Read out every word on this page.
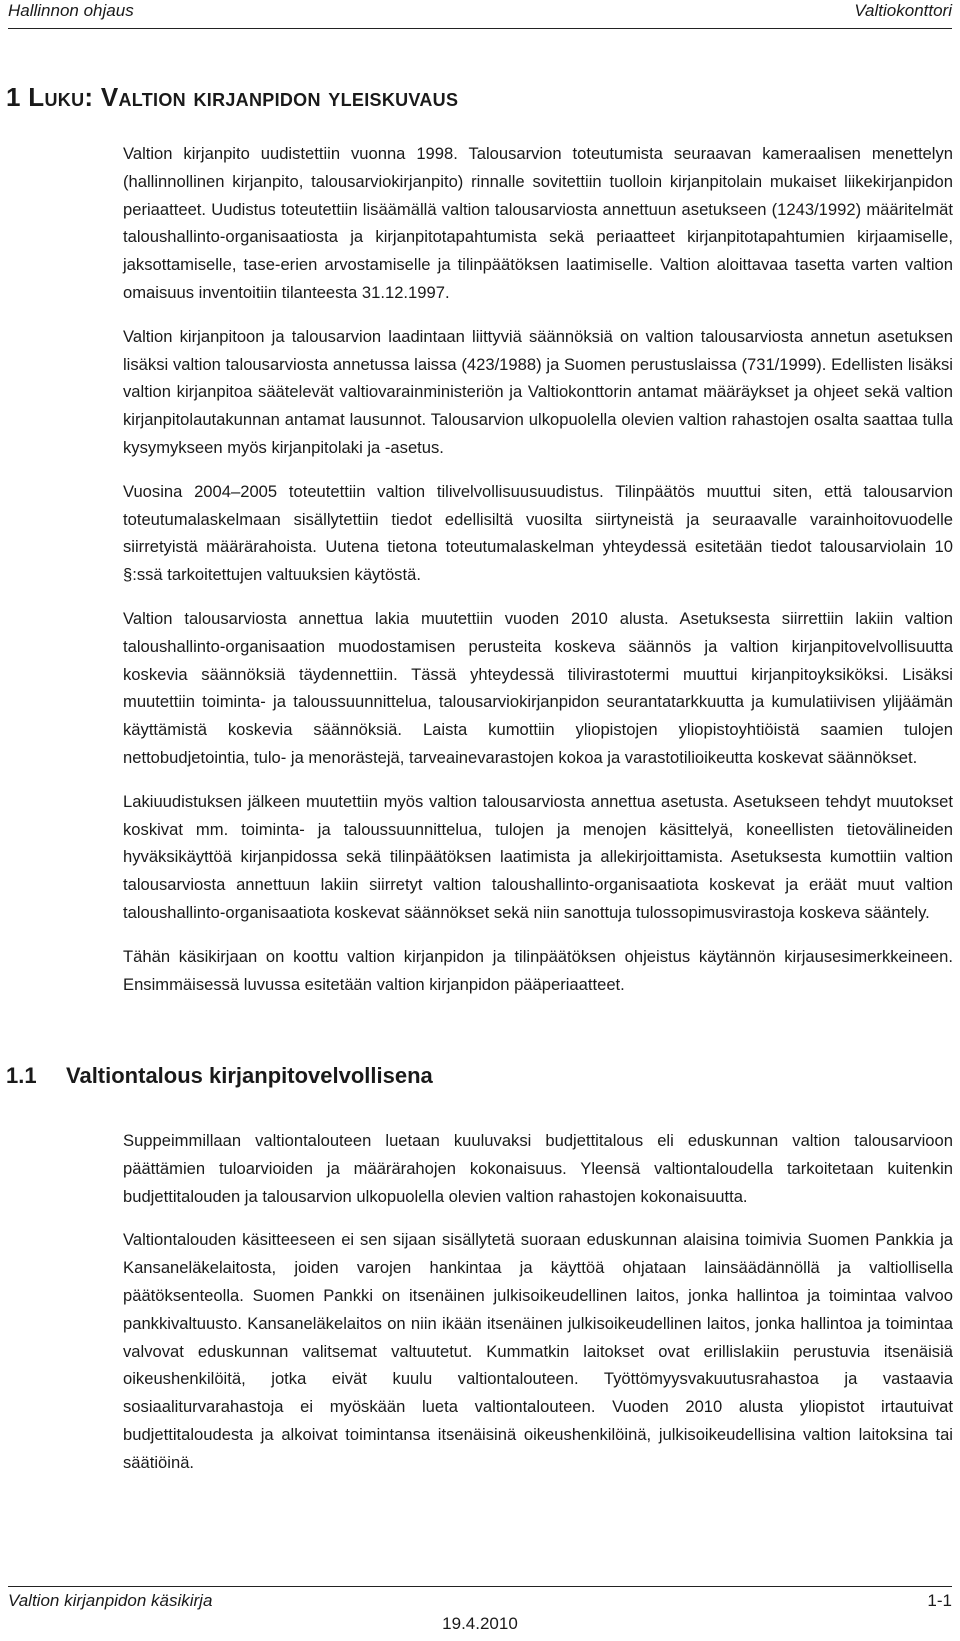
Hallinnon ohjaus	Valtiokonttori
1 Luku: Valtion kirjanpidon yleiskuvaus

Valtion kirjanpito uudistettiin vuonna 1998. Talousarvion toteutumista seuraavan kameraalisen menettelyn (hallinnollinen kirjanpito, talousarviokirjanpito) rinnalle sovitettiin tuolloin kirjanpitolain mukaiset liikekirjanpidon periaatteet. Uudistus toteutettiin lisäämällä valtion talousarviosta annettuun asetukseen (1243/1992) määritelmät taloushallinto-organisaatiosta ja kirjanpitotapahtumista sekä periaatteet kirjanpitotapahtumien kirjaamiselle, jaksottamiselle, tase-erien arvostamiselle ja tilinpäätöksen laatimiselle. Valtion aloittavaa tasetta varten valtion omaisuus inventoitiin tilanteesta 31.12.1997.

Valtion kirjanpitoon ja talousarvion laadintaan liittyviä säännöksiä on valtion talousarviosta annetun asetuksen lisäksi valtion talousarviosta annetussa laissa (423/1988) ja Suomen perustuslaissa (731/1999). Edellisten lisäksi valtion kirjanpitoa säätelevät valtiovarainministeriön ja Valtiokonttorin antamat määräykset ja ohjeet sekä valtion kirjanpitolautakunnan antamat lausunnot. Talousarvion ulkopuolella olevien valtion rahastojen osalta saattaa tulla kysymykseen myös kirjanpitolaki ja -asetus.

Vuosina 2004–2005 toteutettiin valtion tilivelvollisuusuudistus. Tilinpäätös muuttui siten, että talousarvion toteutumalaskelmaan sisällytettiin tiedot edellisiltä vuosilta siirtyneistä ja seuraavalle varainhoitovuodelle siirretyistä määrärahoista. Uutena tietona toteutumalaskelman yhteydessä esitetään tiedot talousarviolain 10 §:ssä tarkoitettujen valtuuksien käytöstä.

Valtion talousarviosta annettua lakia muutettiin vuoden 2010 alusta. Asetuksesta siirrettiin lakiin valtion taloushallinto-organisaation muodostamisen perusteita koskeva säännös ja valtion kirjanpitovelvollisuutta koskevia säännöksiä täydennettiin. Tässä yhteydessä tilivirastotermi muuttui kirjanpitoyksiköksi. Lisäksi muutettiin toiminta- ja taloussuunnittelua, talousarviokirjanpidon seurantatarkkuutta ja kumulatiivisen ylijäämän käyttämistä koskevia säännöksiä. Laista kumottiin yliopistojen yliopistoyhtiöistä saamien tulojen nettobudjetointia, tulo- ja menorästejä, tarveainevarastojen kokoa ja varastotilioikeutta koskevat säännökset.

Lakiuudistuksen jälkeen muutettiin myös valtion talousarviosta annettua asetusta. Asetukseen tehdyt muutokset koskivat mm. toiminta- ja taloussuunnittelua, tulojen ja menojen käsittelyä, koneellisten tietovälineiden hyväksikäyttöä kirjanpidossa sekä tilinpäätöksen laatimista ja allekirjoittamista. Asetuksesta kumottiin valtion talousarviosta annettuun lakiin siirretyt valtion taloushallinto-organisaatiota koskevat ja eräät muut valtion taloushallinto-organisaatiota koskevat säännökset sekä niin sanottuja tulossopimusvirastoja koskeva sääntely.

Tähän käsikirjaan on koottu valtion kirjanpidon ja tilinpäätöksen ohjeistus käytännön kirjausesimerkkeineen. Ensimmäisessä luvussa esitetään valtion kirjanpidon pääperiaatteet.

1.1	Valtiontalous kirjanpitovelvollisena

Suppeimmillaan valtiontalouteen luetaan kuuluvaksi budjettitalous eli eduskunnan valtion talousarvioon päättämien tuloarvioiden ja määrärahojen kokonaisuus. Yleensä valtiontaloudella tarkoitetaan kuitenkin budjettitalouden ja talousarvion ulkopuolella olevien valtion rahastojen kokonaisuutta.

Valtiontalouden käsitteeseen ei sen sijaan sisällytetä suoraan eduskunnan alaisina toimivia Suomen Pankkia ja Kansaneläkelaitosta, joiden varojen hankintaa ja käyttöä ohjataan lainsäädännöllä ja valtiollisella päätöksenteolla. Suomen Pankki on itsenäinen julkisoikeudellinen laitos, jonka hallintoa ja toimintaa valvoo pankkivaltuusto. Kansaneläkelaitos on niin ikään itsenäinen julkisoikeudellinen laitos, jonka hallintoa ja toimintaa valvovat eduskunnan valitsemat valtuutetut. Kummatkin laitokset ovat erillislakiin perustuvia itsenäisiä oikeushenkilöitä, jotka eivät kuulu valtiontalouteen. Työttömyysvakuutusrahastoa ja vastaavia sosiaaliturvarahastoja ei myöskään lueta valtiontalouteen. Vuoden 2010 alusta yliopistot irtautuivat budjettitaloudesta ja alkoivat toimintansa itsenäisinä oikeushenkilöinä, julkisoikeudellisina valtion laitoksina tai säätiöinä.

Valtion kirjanpidon käsikirja	1-1
19.4.2010
